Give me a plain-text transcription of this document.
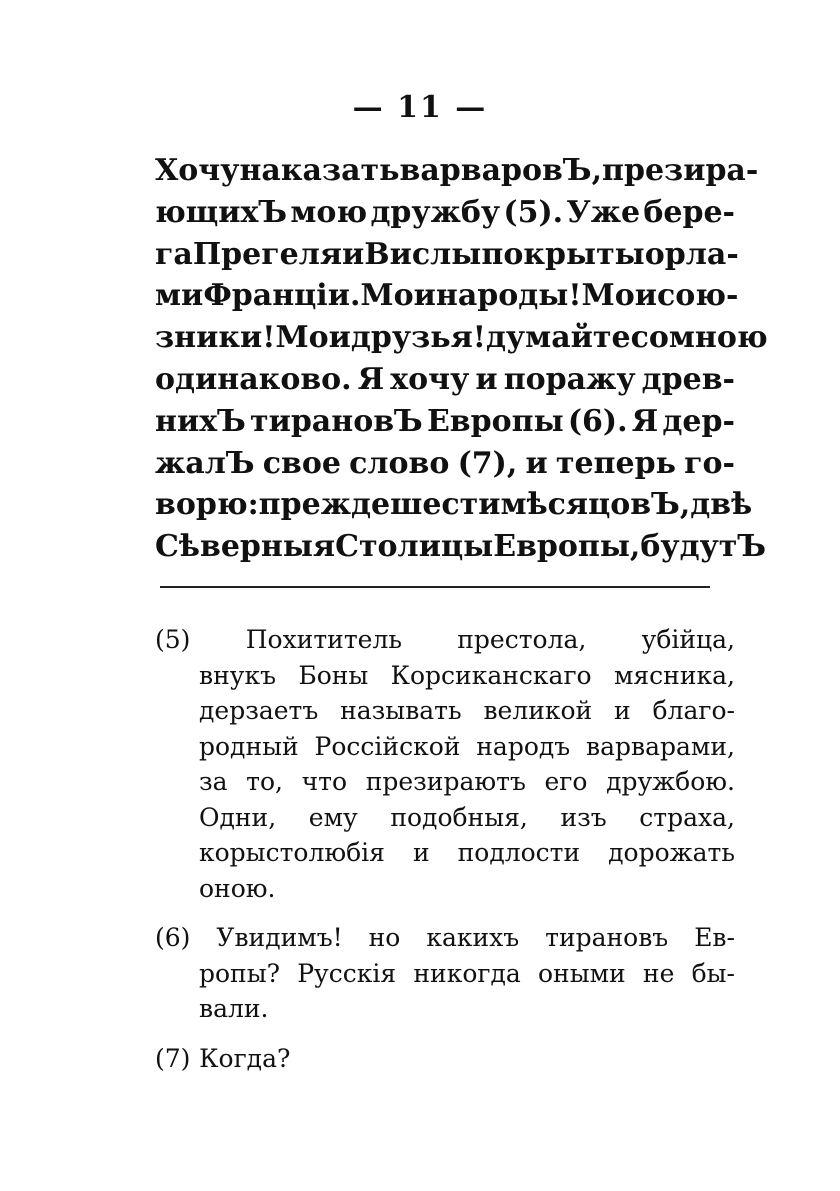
— 11 —
Хочу наказать варваровЪ , презира-
ющихЪ мою дружбу (5). Уже бере-
га Прегеля и Вислы покрыты орла-
ми Франціи. Мои народы! Мои сою-
зники! Мои друзья! думайте со мною
одинаково. Я хочу и поражу древ-
нихЪ тирановЪ Европы (6). Я дер-
жалЪ свое слово (7), и теперь го-
ворю: прежде шести мѣсяцовЪ, двѣ
Сѣверныя Столицы Европы, будутЪ
(5) Похититель престола, убійца,
внукъ Боны Корсиканскаго мясника,
дерзаетъ называть великой и благо-
родный Россійской народъ варварами,
за то, что презираютъ его дружбою.
Одни, ему подобныя, изъ страха,
корыстолюбія и подлости дорожать
оною.
(6) Увидимъ! но какихъ тирановъ Ев-
ропы? Русскія никогда оными не бы-
вали.
(7) Когда?
